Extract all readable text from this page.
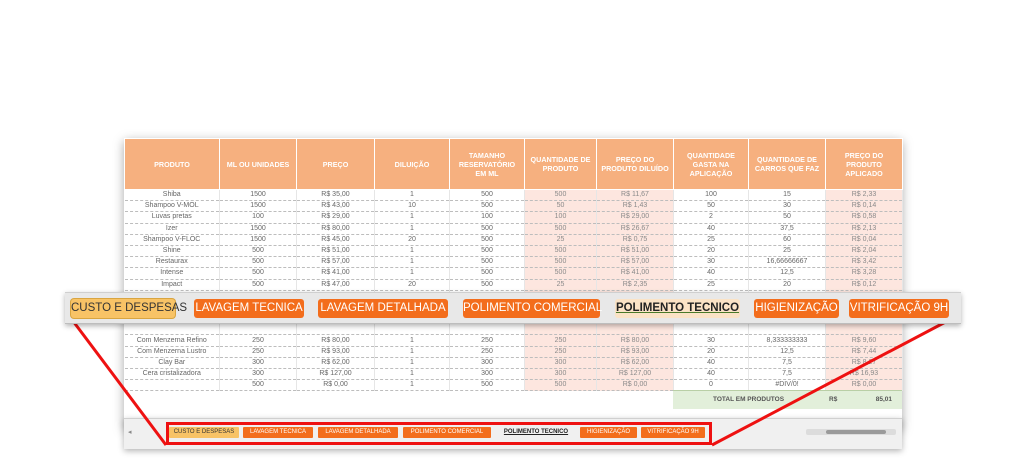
PRODUTO	ML OU UNIDADES	PREÇO	DILUIÇÃO	TAMANHO RESERVATÓRIO EM ML	QUANTIDADE DE PRODUTO	PREÇO DO PRODUTO DILUÍDO	QUANTIDADE GASTA NA APLICAÇÃO	QUANTIDADE DE CARROS QUE FAZ	PREÇO DO PRODUTO APLICADO
Shiba	1500	R$ 35,00	1	500	500	R$ 11,67	100	15	R$ 2,33
Shampoo V-MOL	1500	R$ 43,00	10	500	50	R$ 1,43	50	30	R$ 0,14
Luvas pretas	100	R$ 29,00	1	100	100	R$ 29,00	2	50	R$ 0,58
Izer	1500	R$ 80,00	1	500	500	R$ 26,67	40	37,5	R$ 2,13
Shampoo V-FLOC	1500	R$ 45,00	20	500	25	R$ 0,75	25	60	R$ 0,04
Shine	500	R$ 51,00	1	500	500	R$ 51,00	20	25	R$ 2,04
Restaurax	500	R$ 57,00	1	500	500	R$ 57,00	30	16,66666667	R$ 3,42
Intense	500	R$ 41,00	1	500	500	R$ 41,00	40	12,5	R$ 3,28
Impact	500	R$ 47,00	20	500	25	R$ 2,35	25	20	R$ 0,12

Com Menzerna Refino	250	R$ 80,00	1	250	250	R$ 80,00	30	8,333333333	R$ 9,60
Com Menzerna Lustro	250	R$ 93,00	1	250	250	R$ 93,00	20	12,5	R$ 7,44
Clay Bar	300	R$ 62,00	1	300	300	R$ 62,00	40	7,5	R$ 8,27
Cera cristalizadora	300	R$ 127,00	1	300	300	R$ 127,00	40	7,5	R$ 16,93
	500	R$ 0,00	1	500	500	R$ 0,00	0	#DIV/0!	R$ 0,00
TOTAL EM PRODUTOS	R$	85,01
◂	CUSTO E DESPESAS	LAVAGEM TECNICA	LAVAGEM DETALHADA	POLIMENTO COMERCIAL	POLIMENTO TECNICO	HIGIENIZAÇÃO	VITRIFICAÇÃO 9H
CUSTO E DESPESAS LAVAGEM TECNICA LAVAGEM DETALHADA POLIMENTO COMERCIAL POLIMENTO TECNICO HIGIENIZAÇÃO VITRIFICAÇÃO 9H
